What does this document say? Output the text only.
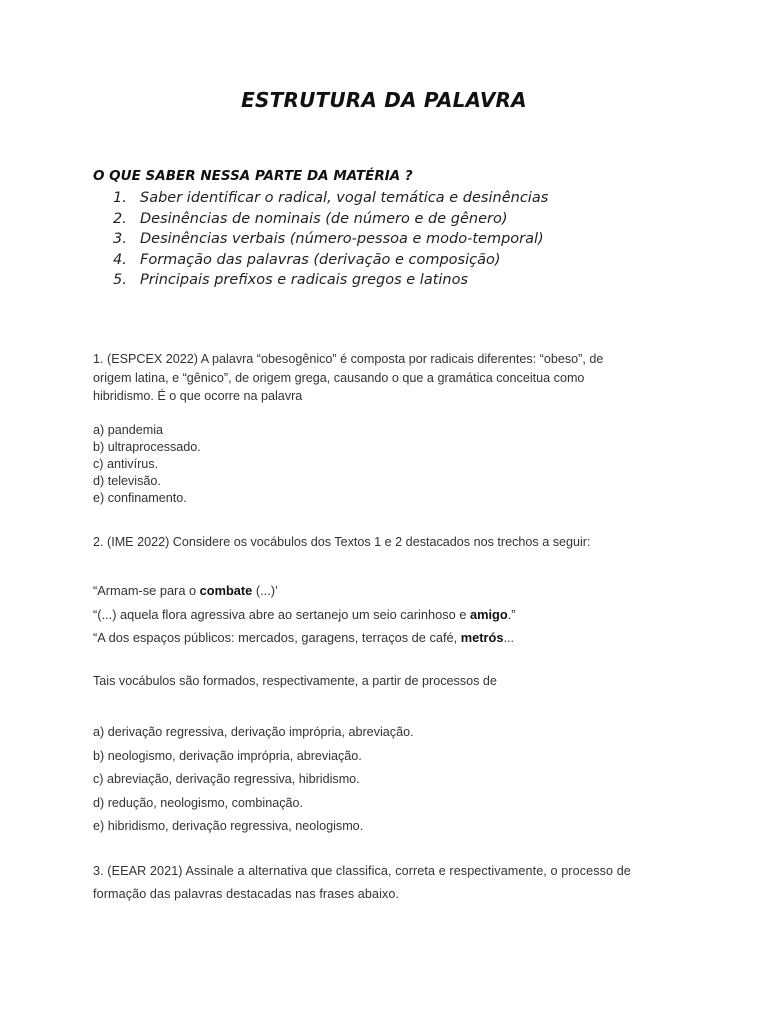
ESTRUTURA DA PALAVRA
O QUE SABER NESSA PARTE DA MATÉRIA ?
1. Saber identificar o radical, vogal temática e desinências
2. Desinências de nominais (de número e de gênero)
3. Desinências verbais (número-pessoa e modo-temporal)
4. Formação das palavras (derivação e composição)
5. Principais prefixos e radicais gregos e latinos
1. (ESPCEX 2022) A palavra “obesogênico” é composta por radicais diferentes: “obeso”, de
origem latina, e “gênico”, de origem grega, causando o que a gramática conceitua como
hibridismo. É o que ocorre na palavra
a) pandemia
b) ultraprocessado.
c) antivírus.
d) televisão.
e) confinamento.
2. (IME 2022) Considere os vocábulos dos Textos 1 e 2 destacados nos trechos a seguir:
“Armam-se para o combate (...)’
“(...) aquela flora agressiva abre ao sertanejo um seio carinhoso e amigo.”
“A dos espaços públicos: mercados, garagens, terraços de café, metrós...
Tais vocábulos são formados, respectivamente, a partir de processos de
a) derivação regressiva, derivação imprópria, abreviação.
b) neologismo, derivação imprópria, abreviação.
c) abreviação, derivação regressiva, hibridismo.
d) redução, neologismo, combinação.
e) hibridismo, derivação regressiva, neologismo.
3. (EEAR 2021) Assinale a alternativa que classifica, correta e respectivamente, o processo de
formação das palavras destacadas nas frases abaixo.
